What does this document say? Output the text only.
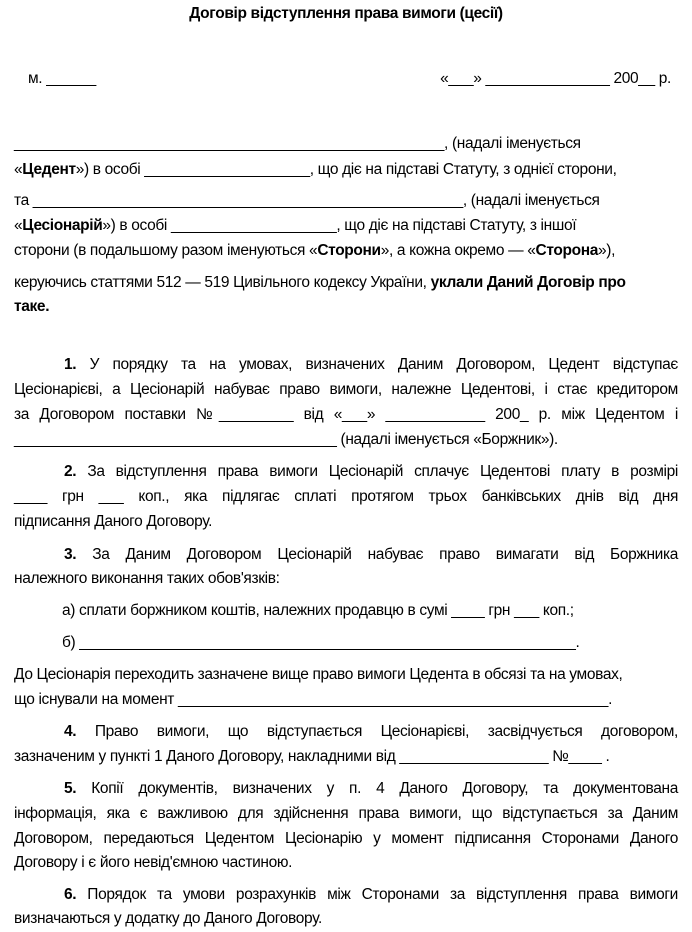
Договір відступлення права вимоги (цесії)
м. ______	«___» _______________ 200__ р.
____________________________________________________, (надалі іменується
«Цедент») в особі ____________________, що діє на підставі Статуту, з однієї сторони,
та ____________________________________________________, (надалі іменується
«Цесіонарій») в особі ____________________, що діє на підставі Статуту, з іншої
сторони (в подальшому разом іменуються «Сторони», а кожна окремо — «Сторона»),
керуючись статтями 512 — 519 Цивільного кодексу України, уклали Даний Договір про
таке.
1. У порядку та на умовах, визначених Даним Договором, Цедент відступає
Цесіонарієві, а Цесіонарій набуває право вимоги, належне Цедентові, і стає кредитором
за Договором поставки №_________ від «___» ____________ 200_ р. між Цедентом і
_______________________________________ (надалі іменується «Боржник»).
2. За відступлення права вимоги Цесіонарій сплачує Цедентові плату в розмірі
____ грн ___ коп., яка підлягає сплаті протягом трьох банківських днів від дня
підписання Даного Договору.
3. За Даним Договором Цесіонарій набуває право вимагати від Боржника
належного виконання таких обов'язків:
а) сплати боржником коштів, належних продавцю в сумі ____ грн ___ коп.;
б) ____________________________________________________________.
До Цесіонарія переходить зазначене вище право вимоги Цедента в обсязі та на умовах,
що існували на момент ____________________________________________________.
4. Право вимоги, що відступається Цесіонарієві, засвідчується договором,
зазначеним у пункті 1 Даного Договору, накладними від __________________ №____ .
5. Копії документів, визначених у п. 4 Даного Договору, та документована
інформація, яка є важливою для здійснення права вимоги, що відступається за Даним
Договором, передаються Цедентом Цесіонарію у момент підписання Сторонами Даного
Договору і є його невід'ємною частиною.
6. Порядок та умови розрахунків між Сторонами за відступлення права вимоги
визначаються у додатку до Даного Договору.
